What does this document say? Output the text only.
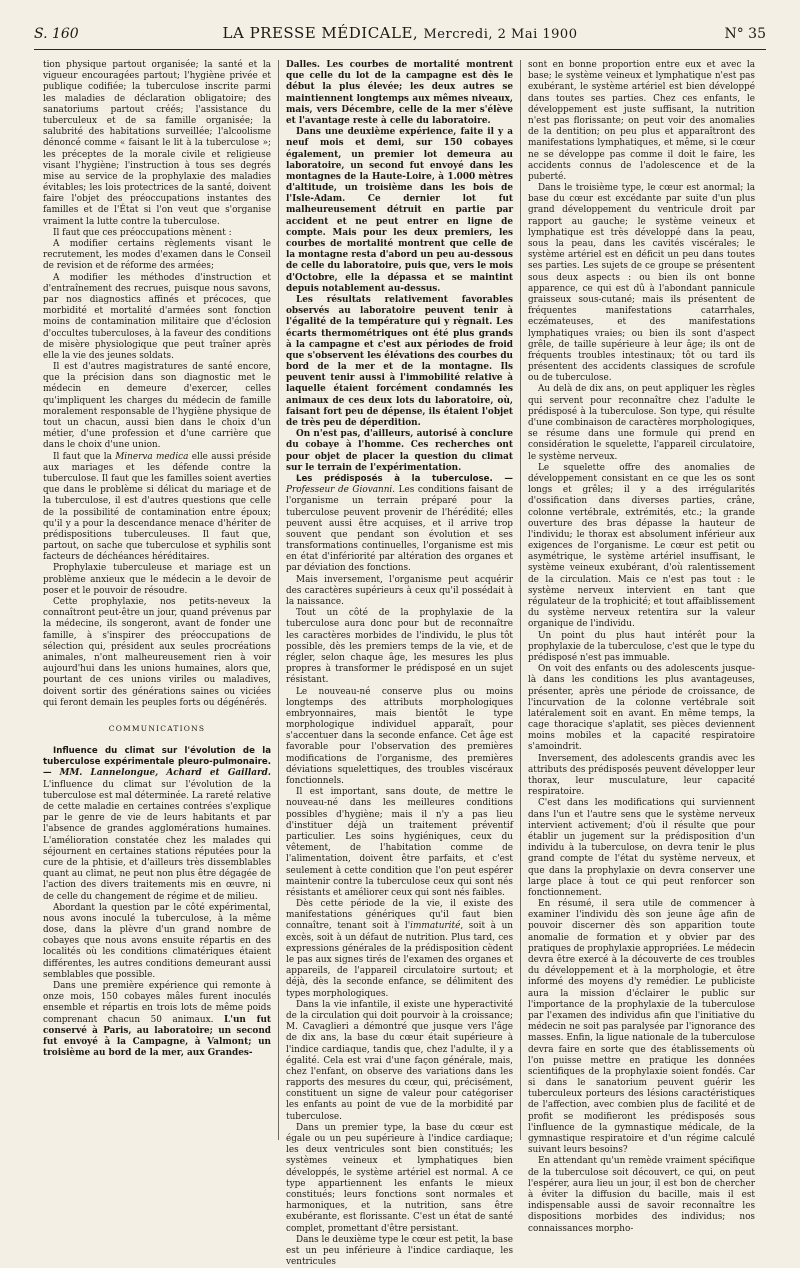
S. 160	LA PRESSE MÉDICALE, Mercredi, 2 Mai 1900	N° 35

tion physique partout organisée; la santé et la vigueur encouragées partout; l'hygiène privée et publique codifiée; la tuberculose inscrite parmi les maladies de déclaration obligatoire; des sanatoriums partout créés; l'assistance du tuberculeux et de sa famille organisée; la salubrité des habitations surveillée; l'alcoolisme dénoncé comme « faisant le lit à la tuberculose »; les préceptes de la morale civile et religieuse visant l'hygiène; l'instruction à tous ses degrés mise au service de la prophylaxie des maladies évitables; les lois protectrices de la santé, doivent faire l'objet des préoccupations instantes des familles et de l'État si l'on veut que s'organise vraiment la lutte contre la tuberculose.

Il faut que ces préoccupations mènent :

A modifier certains règlements visant le recrutement, les modes d'examen dans le Conseil de revision et de réforme des armées;

A modifier les méthodes d'instruction et d'entraînement des recrues, puisque nous savons, par nos diagnostics affinés et précoces, que morbidité et mortalité d'armées sont fonction moins de contamination militaire que d'éclosion d'occultes tuberculoses, à la faveur des conditions de misère physiologique que peut traîner après elle la vie des jeunes soldats.

Il est d'autres magistratures de santé encore, que la précision dans son diagnostic met le médecin en demeure d'exercer, celles qu'impliquent les charges du médecin de famille moralement responsable de l'hygiène physique de tout un chacun, aussi bien dans le choix d'un métier, d'une profession et d'une carrière que dans le choix d'une union.

Il faut que la Minerva medica elle aussi préside aux mariages et les défende contre la tuberculose. Il faut que les familles soient averties que dans le problème si délicat du mariage et de la tuberculose, il est d'autres questions que celle de la possibilité de contamination entre époux; qu'il y a pour la descendance menace d'hériter de prédispositions tuberculeuses. Il faut que, partout, on sache que tuberculose et syphilis sont facteurs de déchéances héréditaires.

Prophylaxie tuberculeuse et mariage est un problème anxieux que le médecin a le devoir de poser et le pouvoir de résoudre.

Cette prophylaxie, nos petits-neveux la connaîtront peut-être un jour, quand prévenus par la médecine, ils songeront, avant de fonder une famille, à s'inspirer des préoccupations de sélection qui, président aux seules procréations animales, n'ont malheureusement rien à voir aujourd'hui dans les unions humaines, alors que, pourtant de ces unions viriles ou maladives, doivent sortir des générations saines ou viciées qui feront demain les peuples forts ou dégénérés.

COMMUNICATIONS

Influence du climat sur l'évolution de la tuberculose expérimentale pleuro-pulmonaire. — MM. Lannelongue, Achard et Gaillard. L'influence du climat sur l'évolution de la tuberculose est mal déterminée. La rareté relative de cette maladie en certaines contrées s'explique par le genre de vie de leurs habitants et par l'absence de grandes agglomérations humaines. L'amélioration constatée chez les malades qui séjournent en certaines stations réputées pour la cure de la phtisie, et d'ailleurs très dissemblables quant au climat, ne peut non plus être dégagée de l'action des divers traitements mis en œuvre, ni de celle du changement de régime et de milieu.

Abordant la question par le côté expérimental, nous avons inoculé la tuberculose, à la même dose, dans la plèvre d'un grand nombre de cobayes que nous avons ensuite répartis en des localités où les conditions climatériques étaient différentes, les autres conditions demeurant aussi semblables que possible.

Dans une première expérience qui remonte à onze mois, 150 cobayes mâles furent inoculés ensemble et répartis en trois lots de même poids comprenant chacun 50 animaux. L'un fut conservé à Paris, au laboratoire; un second fut envoyé à la Campagne, à Valmont; un troisième au bord de la mer, aux Grandes-

Dalles. Les courbes de mortalité montrent que celle du lot de la campagne est dès le début la plus élevée; les deux autres se maintiennent longtemps aux mêmes niveaux, mais, vers Décembre, celle de la mer s'élève et l'avantage reste à celle du laboratoire.

Dans une deuxième expérience, faite il y a neuf mois et demi, sur 150 cobayes également, un premier lot demeura au laboratoire, un second fut envoyé dans les montagnes de la Haute-Loire, à 1.000 mètres d'altitude, un troisième dans les bois de l'Isle-Adam. Ce dernier lot fut malheureusement détruit en partie par accident et ne peut entrer en ligne de compte. Mais pour les deux premiers, les courbes de mortalité montrent que celle de la montagne resta d'abord un peu au-dessous de celle du laboratoire, puis que, vers le mois d'Octobre, elle la dépassa et se maintint depuis notablement au-dessus.

Les résultats relativement favorables observés au laboratoire peuvent tenir à l'égalité de la température qui y règnait. Les écarts thermométriques ont été plus grands à la campagne et c'est aux périodes de froid que s'observent les élévations des courbes du bord de la mer et de la montagne. Ils peuvent tenir aussi à l'immobilité relative à laquelle étaient forcément condamnés les animaux de ces deux lots du laboratoire, où, faisant fort peu de dépense, ils étaient l'objet de très peu de déperdition.

On n'est pas, d'ailleurs, autorisé à conclure du cobaye à l'homme. Ces recherches ont pour objet de placer la question du climat sur le terrain de l'expérimentation.

Les prédisposés à la tuberculose. — Professeur de Giovanni. Les conditions faisant de l'organisme un terrain préparé pour la tuberculose peuvent provenir de l'hérédité; elles peuvent aussi être acquises, et il arrive trop souvent que pendant son évolution et ses transformations continuelles, l'organisme est mis en état d'infériorité par altération des organes et par déviation des fonctions.

Mais inversement, l'organisme peut acquérir des caractères supérieurs à ceux qu'il possédait à la naissance.

Tout un côté de la prophylaxie de la tuberculose aura donc pour but de reconnaître les caractères morbides de l'individu, le plus tôt possible, dès les premiers temps de la vie, et de régler, selon chaque âge, les mesures les plus propres à transformer le prédisposé en un sujet résistant.

Le nouveau-né conserve plus ou moins longtemps des attributs morphologiques embryonnaires, mais bientôt le type morphologique individuel apparaît, pour s'accentuer dans la seconde enfance. Cet âge est favorable pour l'observation des premières modifications de l'organisme, des premières déviations squelettiques, des troubles viscéraux fonctionnels.

Il est important, sans doute, de mettre le nouveau-né dans les meilleures conditions possibles d'hygiène; mais il n'y a pas lieu d'instituer déjà un traitement préventif particulier. Les soins hygiéniques, ceux du vêtement, de l'habitation comme de l'alimentation, doivent être parfaits, et c'est seulement à cette condition que l'on peut espérer maintenir contre la tuberculose ceux qui sont nés résistants et améliorer ceux qui sont nés faibles.

Dès cette période de la vie, il existe des manifestations génériques qu'il faut bien connaître, tenant soit à l'immaturité, soit à un excès, soit à un défaut de nutrition. Plus tard, ces expressions générales de la prédisposition cèdent le pas aux signes tirés de l'examen des organes et appareils, de l'appareil circulatoire surtout; et déjà, dès la seconde enfance, se délimitent des types morphologiques.

Dans la vie infantile, il existe une hyperactivité de la circulation qui doit pourvoir à la croissance; M. Cavaglieri a démontré que jusque vers l'âge de dix ans, la base du cœur était supérieure à l'indice cardiaque, tandis que, chez l'adulte, il y a égalité. Cela est vrai d'une façon générale, mais, chez l'enfant, on observe des variations dans les rapports des mesures du cœur, qui, précisément, constituent un signe de valeur pour catégoriser les enfants au point de vue de la morbidité par tuberculose.

Dans un premier type, la base du cœur est égale ou un peu supérieure à l'indice cardiaque; les deux ventricules sont bien constitués; les systèmes veineux et lymphatiques bien développés, le système artériel est normal. A ce type appartiennent les enfants le mieux constitués; leurs fonctions sont normales et harmoniques, et la nutrition, sans être exubérante, est florissante. C'est un état de santé complet, promettant d'être persistant.

Dans le deuxième type le cœur est petit, la base est un peu inférieure à l'indice cardiaque, les ventricules

sont en bonne proportion entre eux et avec la base; le système veineux et lymphatique n'est pas exubérant, le système artériel est bien développé dans toutes ses parties. Chez ces enfants, le développement est juste suffisant, la nutrition n'est pas florissante; on peut voir des anomalies de la dentition; on peu plus et apparaîtront des manifestations lymphatiques, et même, si le cœur ne se développe pas comme il doit le faire, les accidents connus de l'adolescence et de la puberté.

Dans le troisième type, le cœur est anormal; la base du cœur est excédante par suite d'un plus grand développement du ventricule droit par rapport au gauche; le système veineux et lymphatique est très développé dans la peau, sous la peau, dans les cavités viscérales; le système artériel est en déficit un peu dans toutes ses parties. Les sujets de ce groupe se présentent sous deux aspects : ou bien ils ont bonne apparence, ce qui est dû à l'abondant pannicule graisseux sous-cutané; mais ils présentent de fréquentes manifestations catarrhales, eczémateuses, et des manifestations lymphatiques vraies; ou bien ils sont d'aspect grêle, de taille supérieure à leur âge; ils ont de fréquents troubles intestinaux; tôt ou tard ils présentent des accidents classiques de scrofule ou de tuberculose.

Au delà de dix ans, on peut appliquer les règles qui servent pour reconnaître chez l'adulte le prédisposé à la tuberculose. Son type, qui résulte d'une combinaison de caractères morphologiques, se résume dans une formule qui prend en considération le squelette, l'appareil circulatoire, le système nerveux.

Le squelette offre des anomalies de développement consistant en ce que les os sont longs et grêles; il y a des irrégularités d'ossification dans diverses parties, crâne, colonne vertébrale, extrémités, etc.; la grande ouverture des bras dépasse la hauteur de l'individu; le thorax est absolument inférieur aux exigences de l'organisme. Le cœur est petit ou asymétrique, le système artériel insuffisant, le système veineux exubérant, d'où ralentissement de la circulation. Mais ce n'est pas tout : le système nerveux intervient en tant que régulateur de la trophicité; et tout affaiblissement du système nerveux retentira sur la valeur organique de l'individu.

Un point du plus haut intérêt pour la prophylaxie de la tuberculose, c'est que le type du prédisposé n'est pas immuable.

On voit des enfants ou des adolescents jusque-là dans les conditions les plus avantageuses, présenter, après une période de croissance, de l'incurvation de la colonne vertébrale soit latéralement soit en avant. En même temps, la cage thoracique s'aplatit, ses pièces deviennent moins mobiles et la capacité respiratoire s'amoindrit.

Inversement, des adolescents grandis avec les attributs des prédisposés peuvent développer leur thorax, leur musculature, leur capacité respiratoire.

C'est dans les modifications qui surviennent dans l'un et l'autre sens que le système nerveux intervient activement; d'où il résulte que pour établir un jugement sur la prédisposition d'un individu à la tuberculose, on devra tenir le plus grand compte de l'état du système nerveux, et que dans la prophylaxie on devra conserver une large place à tout ce qui peut renforcer son fonctionnement.

En résumé, il sera utile de commencer à examiner l'individu dès son jeune âge afin de pouvoir discerner dès son apparition toute anomalie de formation et y obvier par des pratiques de prophylaxie appropriées. Le médecin devra être exercé à la découverte de ces troubles du développement et à la morphologie, et être informé des moyens d'y remédier. Le publiciste aura la mission d'éclairer le public sur l'importance de la prophylaxie de la tuberculose par l'examen des individus afin que l'initiative du médecin ne soit pas paralysée par l'ignorance des masses. Enfin, la ligue nationale de la tuberculose devra faire en sorte que des établissements où l'on puisse mettre en pratique les données scientifiques de la prophylaxie soient fondés. Car si dans le sanatorium peuvent guérir les tuberculeux porteurs des lésions caractéristiques de l'affection, avec combien plus de facilité et de profit se modifieront les prédisposés sous l'influence de la gymnastique médicale, de la gymnastique respiratoire et d'un régime calculé suivant leurs besoins?

En attendant qu'un remède vraiment spécifique de la tuberculose soit découvert, ce qui, on peut l'espérer, aura lieu un jour, il est bon de chercher à éviter la diffusion du bacille, mais il est indispensable aussi de savoir reconnaître les dispositions morbides des individus; nos connaissances morpho-
